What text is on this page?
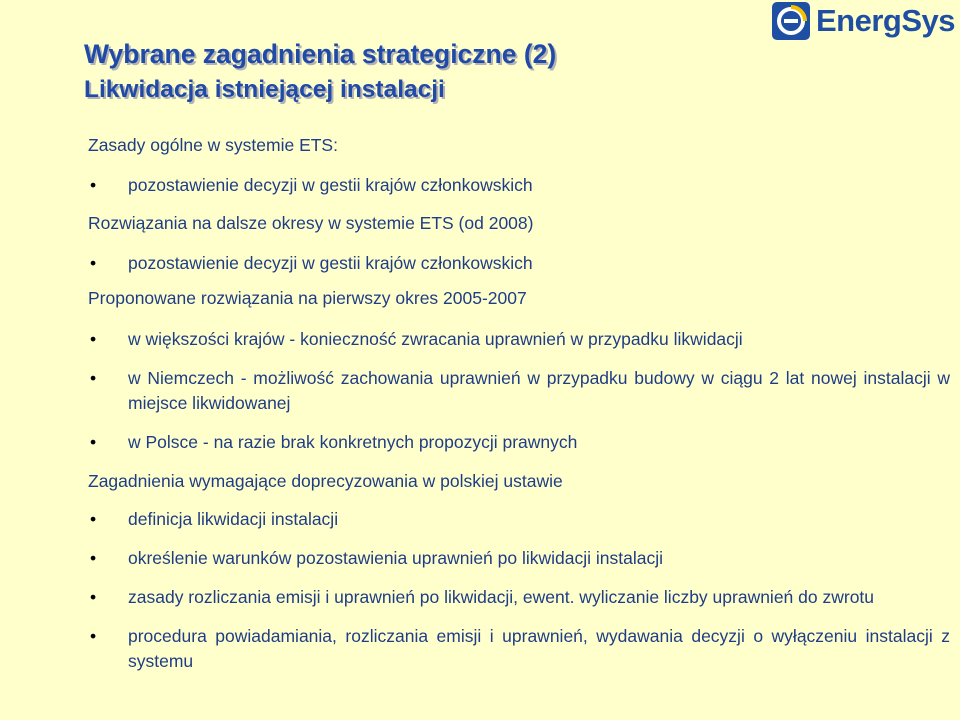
EnergSys
Wybrane zagadnienia strategiczne (2)
Likwidacja istniejącej instalacji
Zasady ogólne w systemie ETS:
• pozostawienie decyzji w gestii krajów członkowskich
Rozwiązania na dalsze okresy w systemie ETS (od 2008)
• pozostawienie decyzji w gestii krajów członkowskich
Proponowane rozwiązania na pierwszy okres 2005-2007
• w większości krajów - konieczność zwracania uprawnień w przypadku likwidacji
• w Niemczech - możliwość zachowania uprawnień w przypadku budowy w ciągu 2 lat nowej instalacji w miejsce likwidowanej
• w Polsce - na razie brak konkretnych propozycji prawnych
Zagadnienia wymagające doprecyzowania w polskiej ustawie
• definicja likwidacji instalacji
• określenie warunków pozostawienia uprawnień po likwidacji instalacji
• zasady rozliczania emisji i uprawnień po likwidacji, ewent. wyliczanie liczby uprawnień do zwrotu
• procedura powiadamiania, rozliczania emisji i uprawnień, wydawania decyzji o wyłączeniu instalacji z systemu
